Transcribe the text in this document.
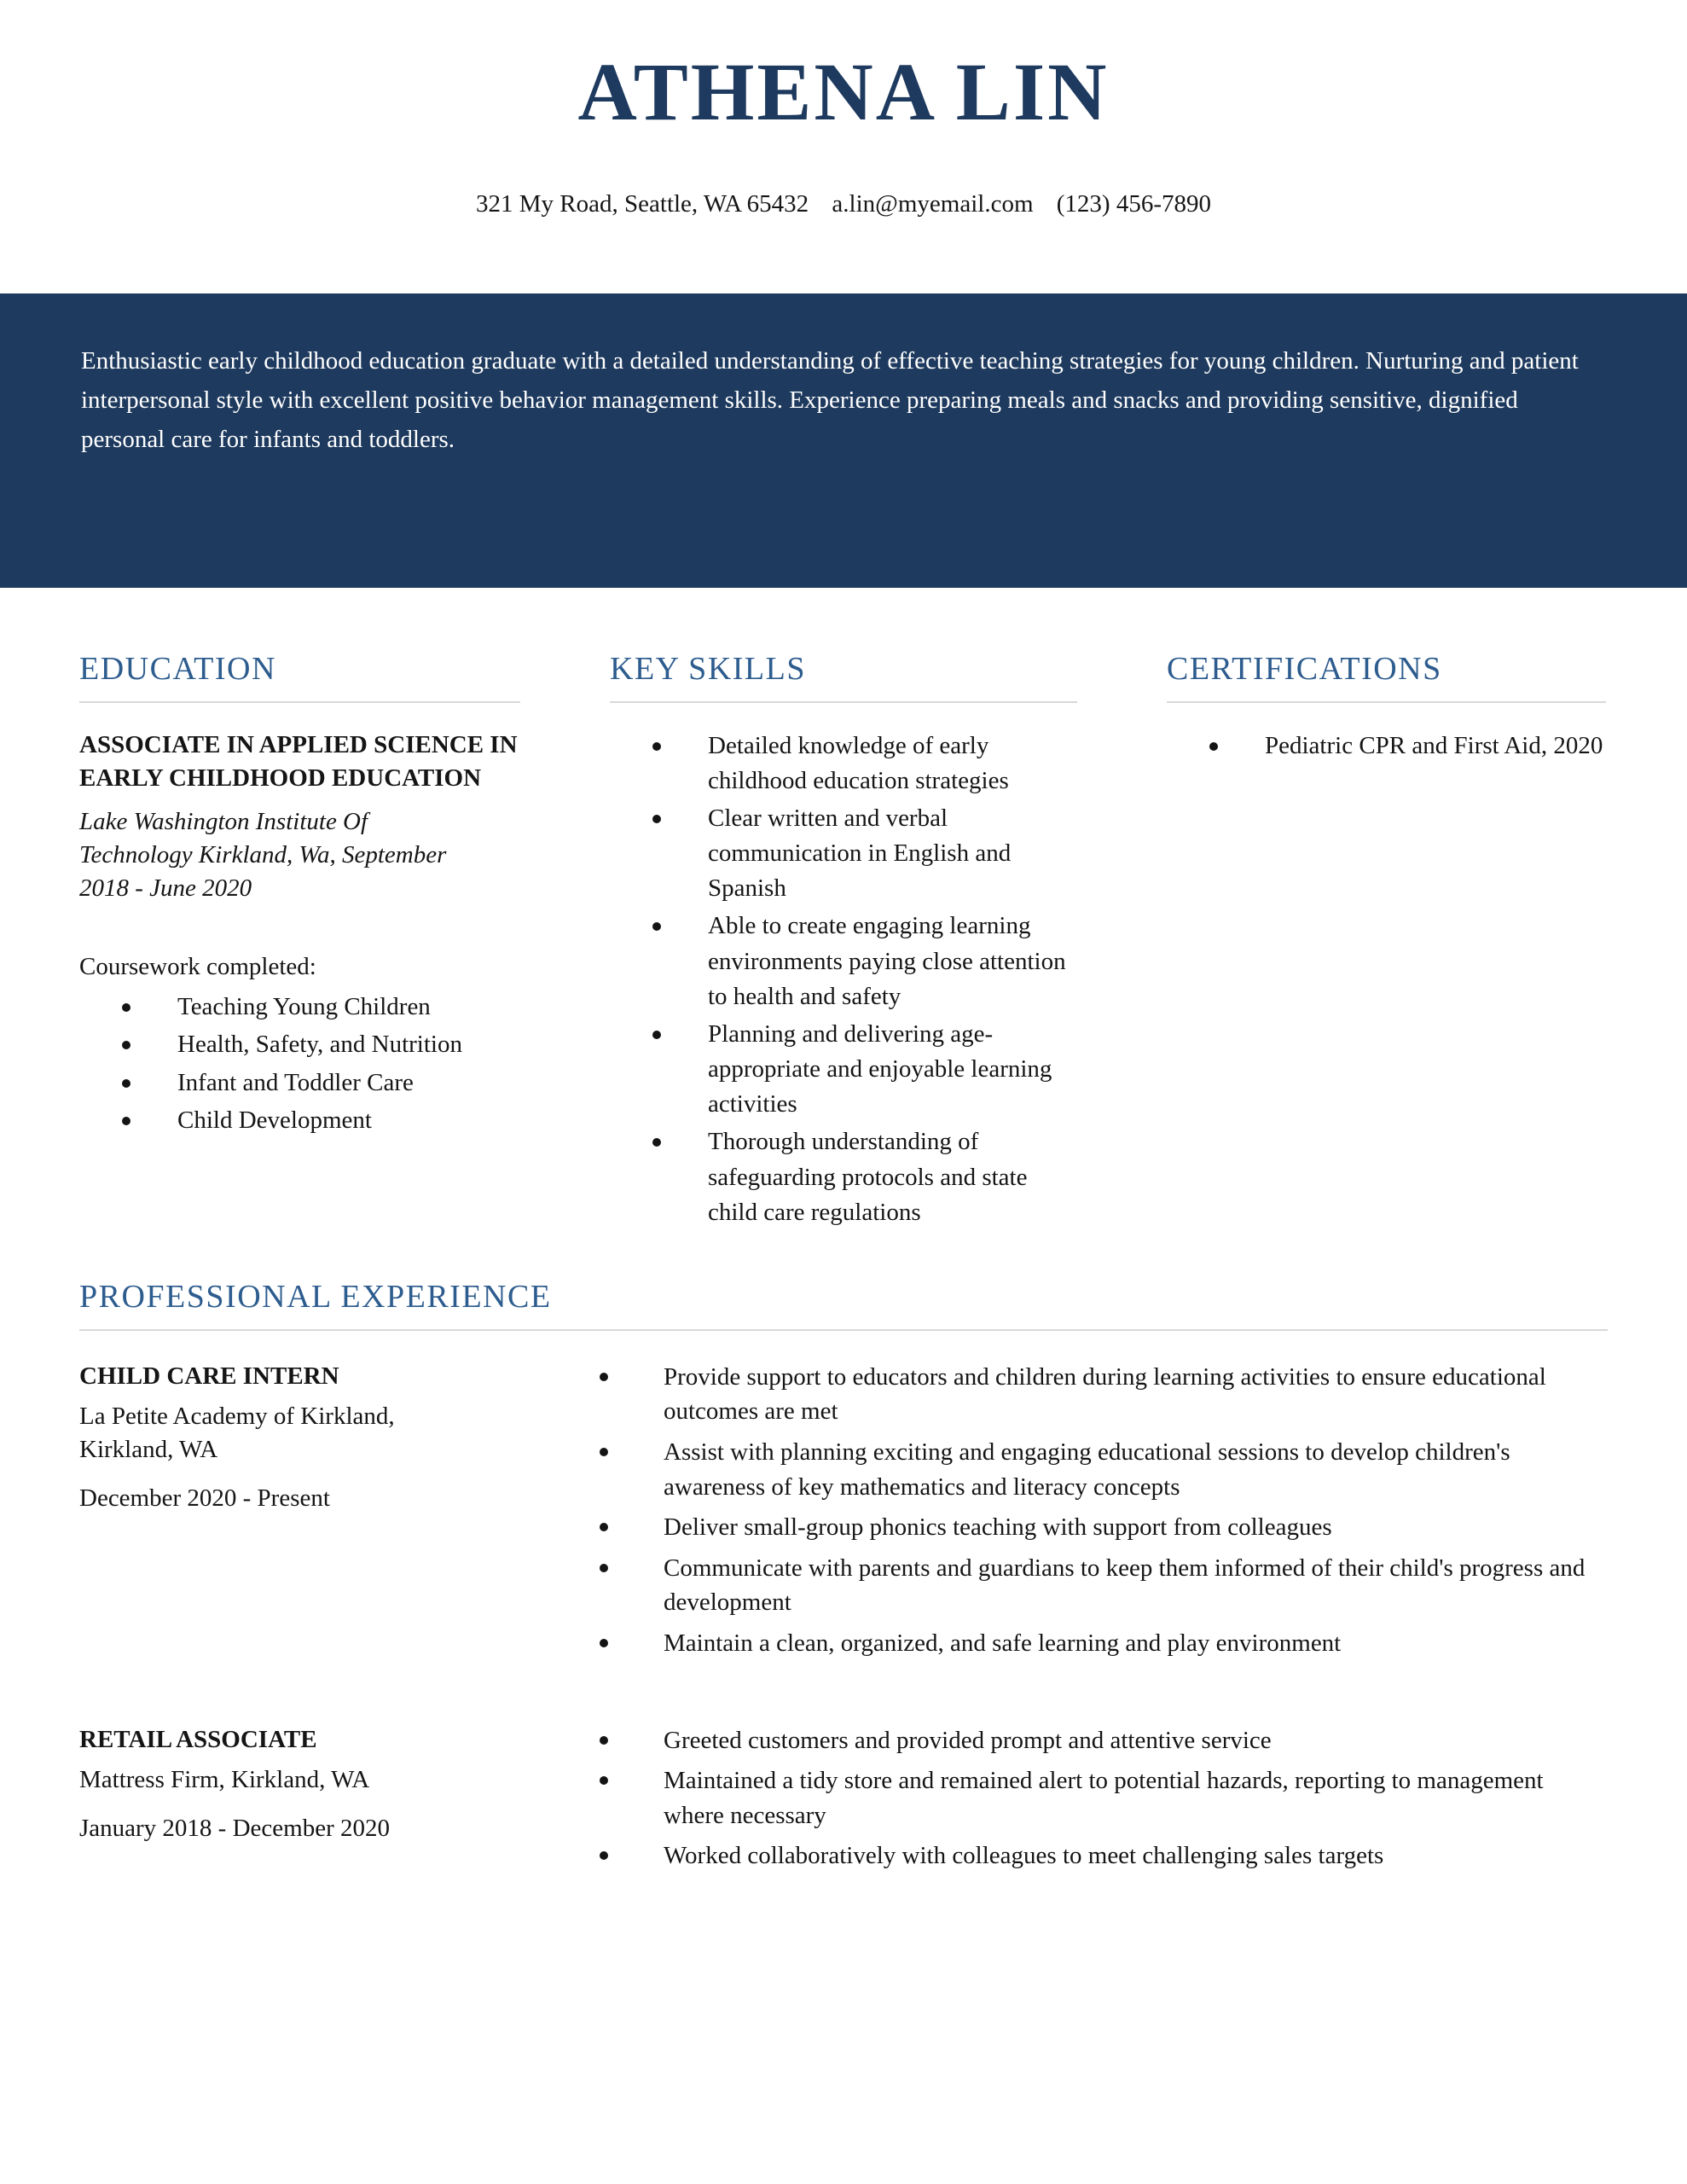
ATHENA LIN

321 My Road, Seattle, WA 65432 a.lin@myemail.com (123) 456-7890

Enthusiastic early childhood education graduate with a detailed understanding of effective teaching strategies for young children. Nurturing and patient interpersonal style with excellent positive behavior management skills. Experience preparing meals and snacks and providing sensitive, dignified personal care for infants and toddlers.

EDUCATION
ASSOCIATE IN APPLIED SCIENCE IN EARLY CHILDHOOD EDUCATION

Lake Washington Institute Of Technology Kirkland, Wa, September 2018 - June 2020

Coursework completed:

Teaching Young Children
Health, Safety, and Nutrition
Infant and Toddler Care
Child Development
KEY SKILLS
Detailed knowledge of early childhood education strategies
Clear written and verbal communication in English and Spanish
Able to create engaging learning environments paying close attention to health and safety
Planning and delivering age-appropriate and enjoyable learning activities
Thorough understanding of safeguarding protocols and state child care regulations
CERTIFICATIONS
Pediatric CPR and First Aid, 2020
PROFESSIONAL EXPERIENCE
CHILD CARE INTERN

La Petite Academy of Kirkland, Kirkland, WA

December 2020 - Present

Provide support to educators and children during learning activities to ensure educational outcomes are met
Assist with planning exciting and engaging educational sessions to develop children's awareness of key mathematics and literacy concepts
Deliver small-group phonics teaching with support from colleagues
Communicate with parents and guardians to keep them informed of their child's progress and development
Maintain a clean, organized, and safe learning and play environment
RETAIL ASSOCIATE

Mattress Firm, Kirkland, WA

January 2018 - December 2020

Greeted customers and provided prompt and attentive service
Maintained a tidy store and remained alert to potential hazards, reporting to management where necessary
Worked collaboratively with colleagues to meet challenging sales targets
